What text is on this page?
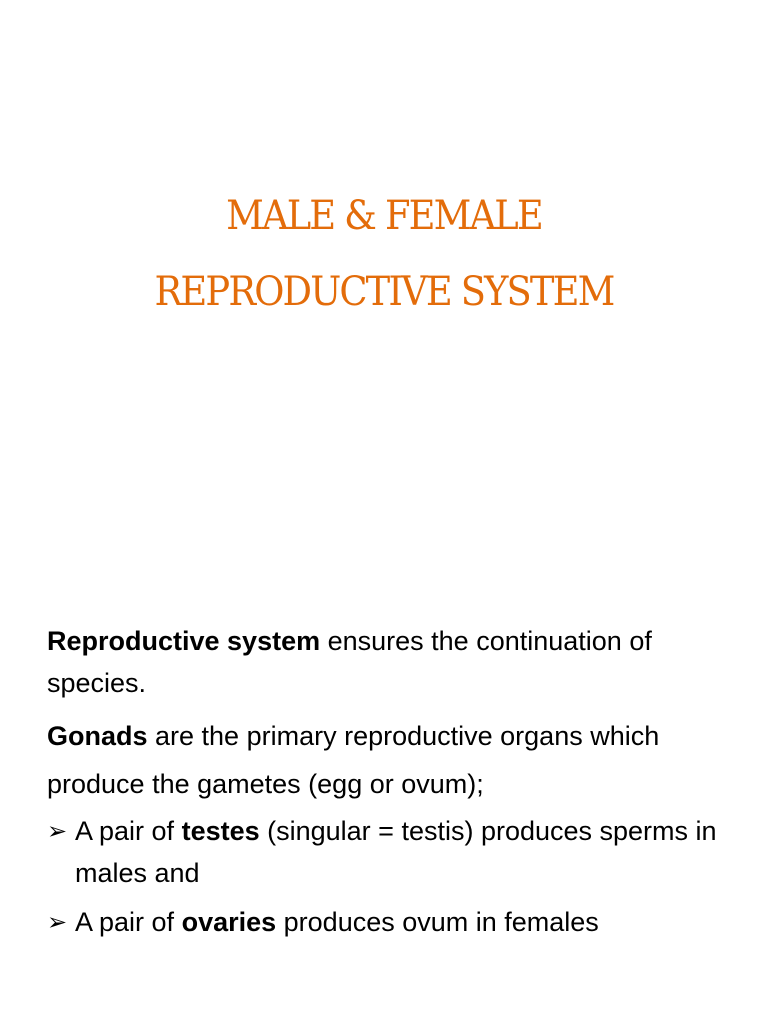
MALE & FEMALE
REPRODUCTIVE SYSTEM

Reproductive system ensures the continuation of species.

Gonads are the primary reproductive organs which produce the gametes (egg or ovum);

➢ A pair of testes (singular = testis) produces sperms in males and
➢ A pair of ovaries produces ovum in females
